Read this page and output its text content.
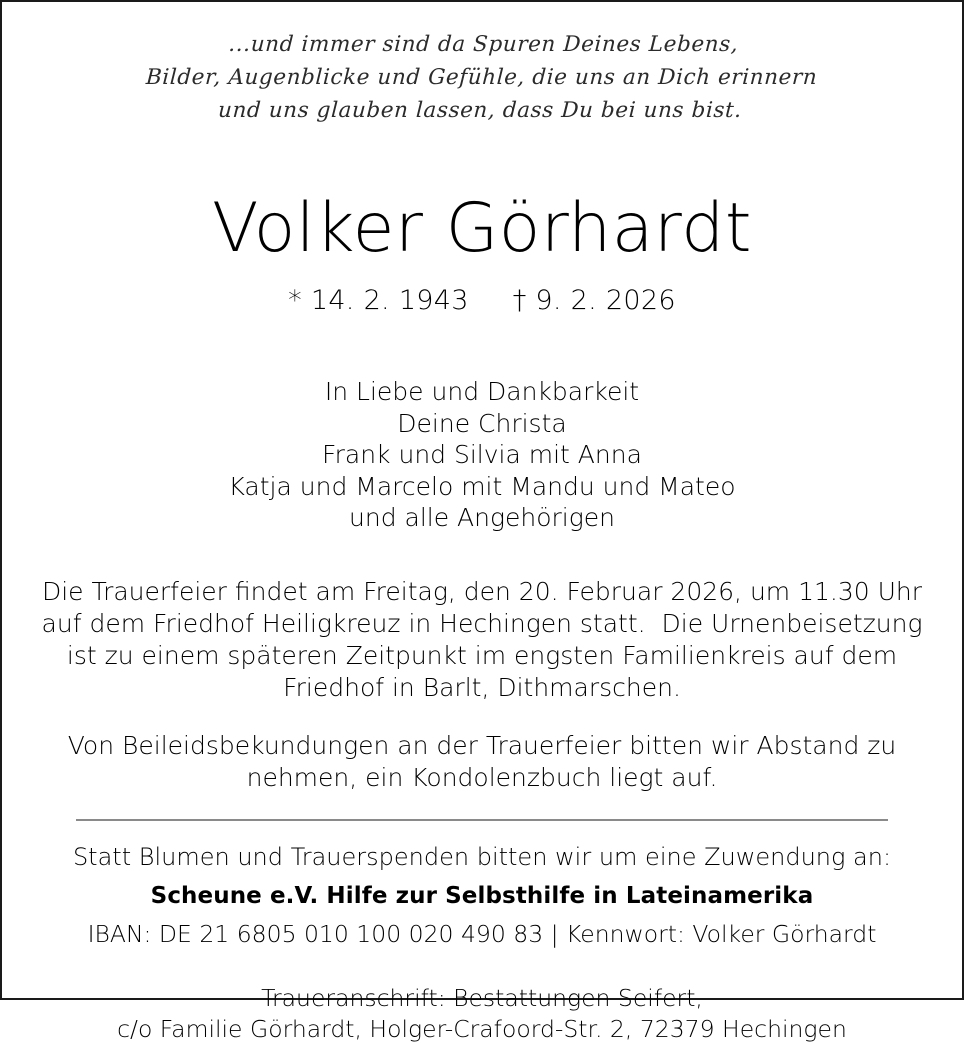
...und immer sind da Spuren Deines Lebens,
Bilder, Augenblicke und Gefühle, die uns an Dich erinnern
und uns glauben lassen, dass Du bei uns bist.
Volker Görhardt
* 14. 2. 1943 † 9. 2. 2026
In Liebe und Dankbarkeit
Deine Christa
Frank und Silvia mit Anna
Katja und Marcelo mit Mandu und Mateo
und alle Angehörigen
Die Trauerfeier findet am Freitag, den 20. Februar 2026, um 11.30 Uhr auf dem Friedhof Heiligkreuz in Hechingen statt.  Die Urnenbeisetzung ist zu einem späteren Zeitpunkt im engsten Familienkreis auf dem Friedhof in Barlt, Dithmarschen.
Von Beileidsbekundungen an der Trauerfeier bitten wir Abstand zu nehmen, ein Kondolenzbuch liegt auf.
Statt Blumen und Trauerspenden bitten wir um eine Zuwendung an:
Scheune e.V. Hilfe zur Selbsthilfe in Lateinamerika
IBAN: DE 21 6805 010 100 020 490 83 | Kennwort: Volker Görhardt
Traueranschrift: Bestattungen Seifert,
c/o Familie Görhardt, Holger-Crafoord-Str. 2, 72379 Hechingen
